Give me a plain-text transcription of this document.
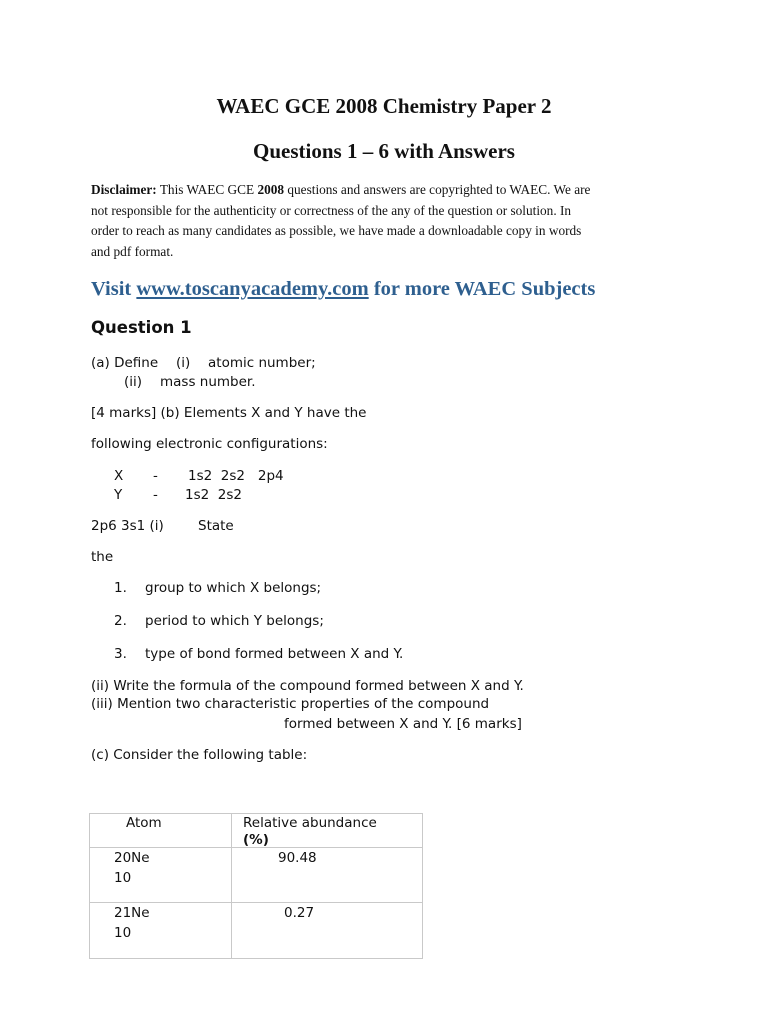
WAEC GCE 2008 Chemistry Paper 2
Questions 1 – 6 with Answers
Disclaimer: This WAEC GCE 2008 questions and answers are copyrighted to WAEC. We are
not responsible for the authenticity or correctness of the any of the question or solution. In
order to reach as many candidates as possible, we have made a downloadable copy in words
and pdf format.
Visit www.toscanyacademy.com for more WAEC Subjects
Question 1
(a) Define (i) atomic number;
(ii) mass number.
[4 marks] (b) Elements X and Y have the
following electronic configurations:
X - 1s2  2s2   2p4
Y - 1s2  2s2
2p6 3s1 (i)	State
the
1. group to which X belongs;
2. period to which Y belongs;
3. type of bond formed between X and Y.
(ii) Write the formula of the compound formed between X and Y.
(iii) Mention two characteristic properties of the compound
formed between X and Y. [6 marks]
(c) Consider the following table:
Atom	Relative abundance
(%)

20Ne
10	90.48

21Ne
10	0.27
